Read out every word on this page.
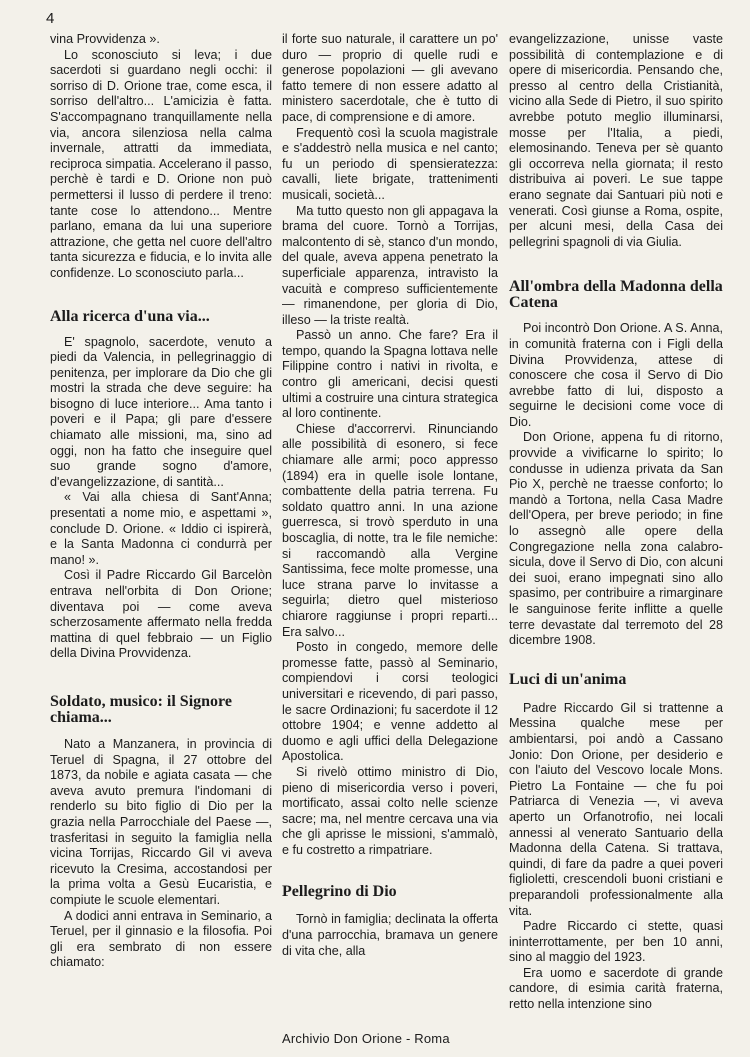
4

vina Provvidenza ».

Lo sconosciuto si leva; i due sacerdoti si guardano negli occhi: il sorriso di D. Orione trae, come esca, il sorriso dell'altro... L'amicizia è fatta. S'accompagnano tranquillamente nella via, ancora silenziosa nella calma invernale, attratti da immediata, reciproca simpatia. Accelerano il passo, perchè è tardi e D. Orione non può permettersi il lusso di perdere il treno: tante cose lo attendono... Mentre parlano, emana da lui una superiore attrazione, che getta nel cuore dell'altro tanta sicurezza e fiducia, e lo invita alle confidenze. Lo sconosciuto parla...

Alla ricerca d'una via...

E' spagnolo, sacerdote, venuto a piedi da Valencia, in pellegrinaggio di penitenza, per implorare da Dio che gli mostri la strada che deve seguire: ha bisogno di luce interiore... Ama tanto i poveri e il Papa; gli pare d'essere chiamato alle missioni, ma, sino ad oggi, non ha fatto che inseguire quel suo grande sogno d'amore, d'evangelizzazione, di santità...

« Vai alla chiesa di Sant'Anna; presentati a nome mio, e aspettami », conclude D. Orione. « Iddio ci ispirerà, e la Santa Madonna ci condurrà per mano! ».

Così il Padre Riccardo Gil Barcelòn entrava nell'orbita di Don Orione; diventava poi — come aveva scherzosamente affermato nella fredda mattina di quel febbraio — un Figlio della Divina Provvidenza.

Soldato, musico: il Signore chiama...

Nato a Manzanera, in provincia di Teruel di Spagna, il 27 ottobre del 1873, da nobile e agiata casata — che aveva avuto premura l'indomani di renderlo su bito figlio di Dio per la grazia nella Parrocchiale del Paese —, trasferitasi in seguito la famiglia nella vicina Torrijas, Riccardo Gil vi aveva ricevuto la Cresima, accostandosi per la prima volta a Gesù Eucaristia, e compiute le scuole elementari.

A dodici anni entrava in Seminario, a Teruel, per il ginnasio e la filosofia. Poi gli era sembrato di non essere chiamato:

il forte suo naturale, il carattere un po' duro — proprio di quelle rudi e generose popolazioni — gli avevano fatto temere di non essere adatto al ministero sacerdotale, che è tutto di pace, di comprensione e di amore.

Frequentò così la scuola magistrale e s'addestrò nella musica e nel canto; fu un periodo di spensieratezza: cavalli, liete brigate, trattenimenti musicali, società...

Ma tutto questo non gli appagava la brama del cuore. Tornò a Torrijas, malcontento di sè, stanco d'un mondo, del quale, aveva appena penetrato la superficiale apparenza, intravisto la vacuità e compreso sufficientemente — rimanendone, per gloria di Dio, illeso — la triste realtà.

Passò un anno. Che fare? Era il tempo, quando la Spagna lottava nelle Filippine contro i nativi in rivolta, e contro gli americani, decisi questi ultimi a costruire una cintura strategica al loro continente.

Chiese d'accorrervi. Rinunciando alle possibilità di esonero, si fece chiamare alle armi; poco appresso (1894) era in quelle isole lontane, combattente della patria terrena. Fu soldato quattro anni. In una azione guerresca, si trovò sperduto in una boscaglia, di notte, tra le file nemiche: si raccomandò alla Vergine Santissima, fece molte promesse, una luce strana parve lo invitasse a seguirla; dietro quel misterioso chiarore raggiunse i propri reparti... Era salvo...

Posto in congedo, memore delle promesse fatte, passò al Seminario, compiendovi i corsi teologici universitari e ricevendo, di pari passo, le sacre Ordinazioni; fu sacerdote il 12 ottobre 1904; e venne addetto al duomo e agli uffici della Delegazione Apostolica.

Si rivelò ottimo ministro di Dio, pieno di misericordia verso i poveri, mortificato, assai colto nelle scienze sacre; ma, nel mentre cercava una via che gli aprisse le missioni, s'ammalò, e fu costretto a rimpatriare.

Pellegrino di Dio

Tornò in famiglia; declinata la offerta d'una parrocchia, bramava un genere di vita che, alla

evangelizzazione, unisse vaste possibilità di contemplazione e di opere di misericordia. Pensando che, presso al centro della Cristianità, vicino alla Sede di Pietro, il suo spirito avrebbe potuto meglio illuminarsi, mosse per l'Italia, a piedi, elemosinando. Teneva per sè quanto gli occorreva nella giornata; il resto distribuiva ai poveri. Le sue tappe erano segnate dai Santuari più noti e venerati. Così giunse a Roma, ospite, per alcuni mesi, della Casa dei pellegrini spagnoli di via Giulia.

All'ombra della Madonna della Catena

Poi incontrò Don Orione. A S. Anna, in comunità fraterna con i Figli della Divina Provvidenza, attese di conoscere che cosa il Servo di Dio avrebbe fatto di lui, disposto a seguirne le decisioni come voce di Dio.

Don Orione, appena fu di ritorno, provvide a vivificarne lo spirito; lo condusse in udienza privata da San Pio X, perchè ne traesse conforto; lo mandò a Tortona, nella Casa Madre dell'Opera, per breve periodo; in fine lo assegnò alle opere della Congregazione nella zona calabro-sicula, dove il Servo di Dio, con alcuni dei suoi, erano impegnati sino allo spasimo, per contribuire a rimarginare le sanguinose ferite inflitte a quelle terre devastate dal terremoto del 28 dicembre 1908.

Luci di un'anima

Padre Riccardo Gil si trattenne a Messina qualche mese per ambientarsi, poi andò a Cassano Jonio: Don Orione, per desiderio e con l'aiuto del Vescovo locale Mons. Pietro La Fontaine — che fu poi Patriarca di Venezia —, vi aveva aperto un Orfanotrofio, nei locali annessi al venerato Santuario della Madonna della Catena. Si trattava, quindi, di fare da padre a quei poveri figlioletti, crescendoli buoni cristiani e preparandoli professionalmente alla vita.

Padre Riccardo ci stette, quasi ininterrottamente, per ben 10 anni, sino al maggio del 1923.

Era uomo e sacerdote di grande candore, di esimia carità fraterna, retto nella intenzione sino

Archivio Don Orione - Roma
